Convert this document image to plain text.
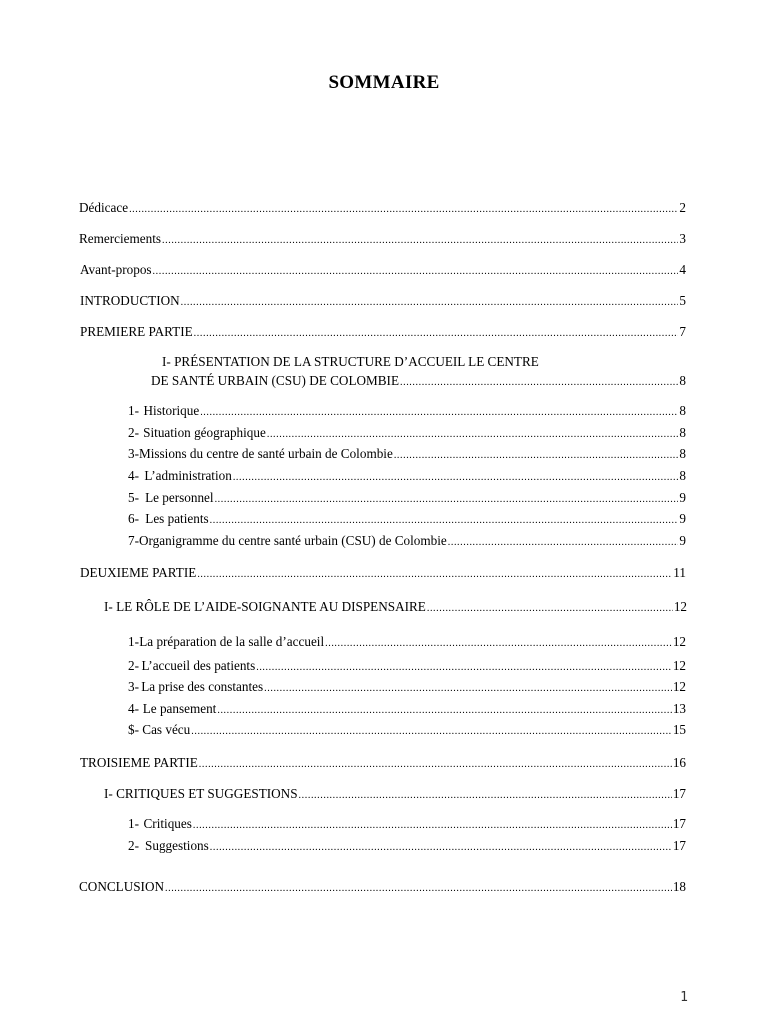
SOMMAIRE
Dédicace .....	2
Remerciements .....	3
Avant-propos .....	4
INTRODUCTION .....	5
PREMIERE PARTIE .....	7
I- PRÉSENTATION DE LA STRUCTURE D’ACCUEIL LE CENTRE
DE SANTÉ URBAIN (CSU) DE COLOMBIE .....	8
1- Historique .....	8
2- Situation géographique .....	8
3- Missions du centre de santé urbain de Colombie .....	8
4- L’administration .....	8
5- Le personnel .....	9
6- Les patients .....	9
7- Organigramme du centre santé urbain (CSU) de Colombie .....	9
DEUXIEME PARTIE .....	11
I- LE RÔLE DE L’AIDE-SOIGNANTE AU DISPENSAIRE .....	12
1- La préparation de la salle d’accueil .....	12
2- L’accueil des patients .....	12
3- La prise des constantes .....	12
4- Le pansement .....	13
$- Cas vécu .....	15
TROISIEME PARTIE .....	16
I- CRITIQUES ET SUGGESTIONS .....	17
1- Critiques .....	17
2- Suggestions .....	17
CONCLUSION .....	18
1
